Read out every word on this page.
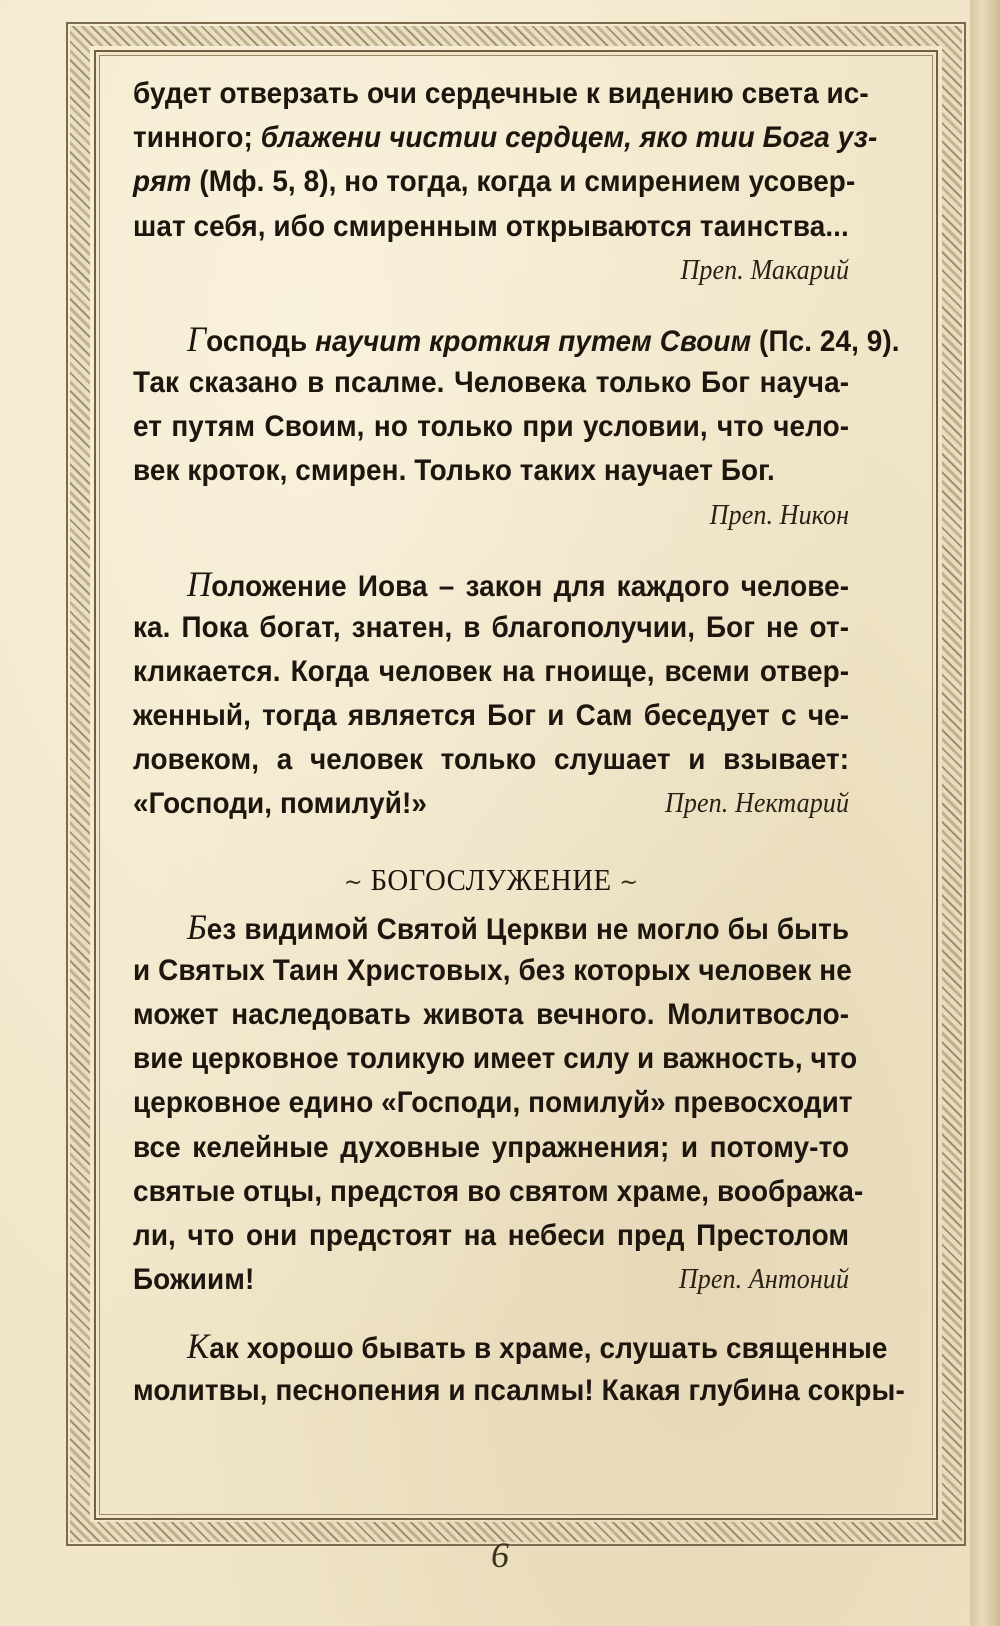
будет отверзать очи сердечные к видению света ис-
тинного; блажени чистии сердцем, яко тии Бога уз-
рят (Мф. 5, 8), но тогда, когда и смирением усовер-
шат себя, ибо смиренным открываются таинства...
Преп. Макарий
Господь научит кроткия путем Своим (Пс. 24, 9).
Так сказано в псалме. Человека только Бог науча-
ет путям Своим, но только при условии, что чело-
век кроток, смирен. Только таких научает Бог.
Преп. Никон
Положение Иова – закон для каждого челове-
ка. Пока богат, знатен, в благополучии, Бог не от-
кликается. Когда человек на гноище, всеми отвер-
женный, тогда является Бог и Сам беседует с че-
ловеком, а человек только слушает и взывает:
«Господи, помилуй!»	Преп. Нектарий
~ БОГОСЛУЖЕНИЕ ~
Без видимой Святой Церкви не могло бы быть
и Святых Таин Христовых, без которых человек не
может наследовать живота вечного. Молитвосло-
вие церковное толикую имеет силу и важность, что
церковное едино «Господи, помилуй» превосходит
все келейные духовные упражнения; и потому-то
святые отцы, предстоя во святом храме, вообража-
ли, что они предстоят на небеси пред Престолом
Божиим!	Преп. Антоний
Как хорошо бывать в храме, слушать священные
молитвы, песнопения и псалмы! Какая глубина сокры-
6
